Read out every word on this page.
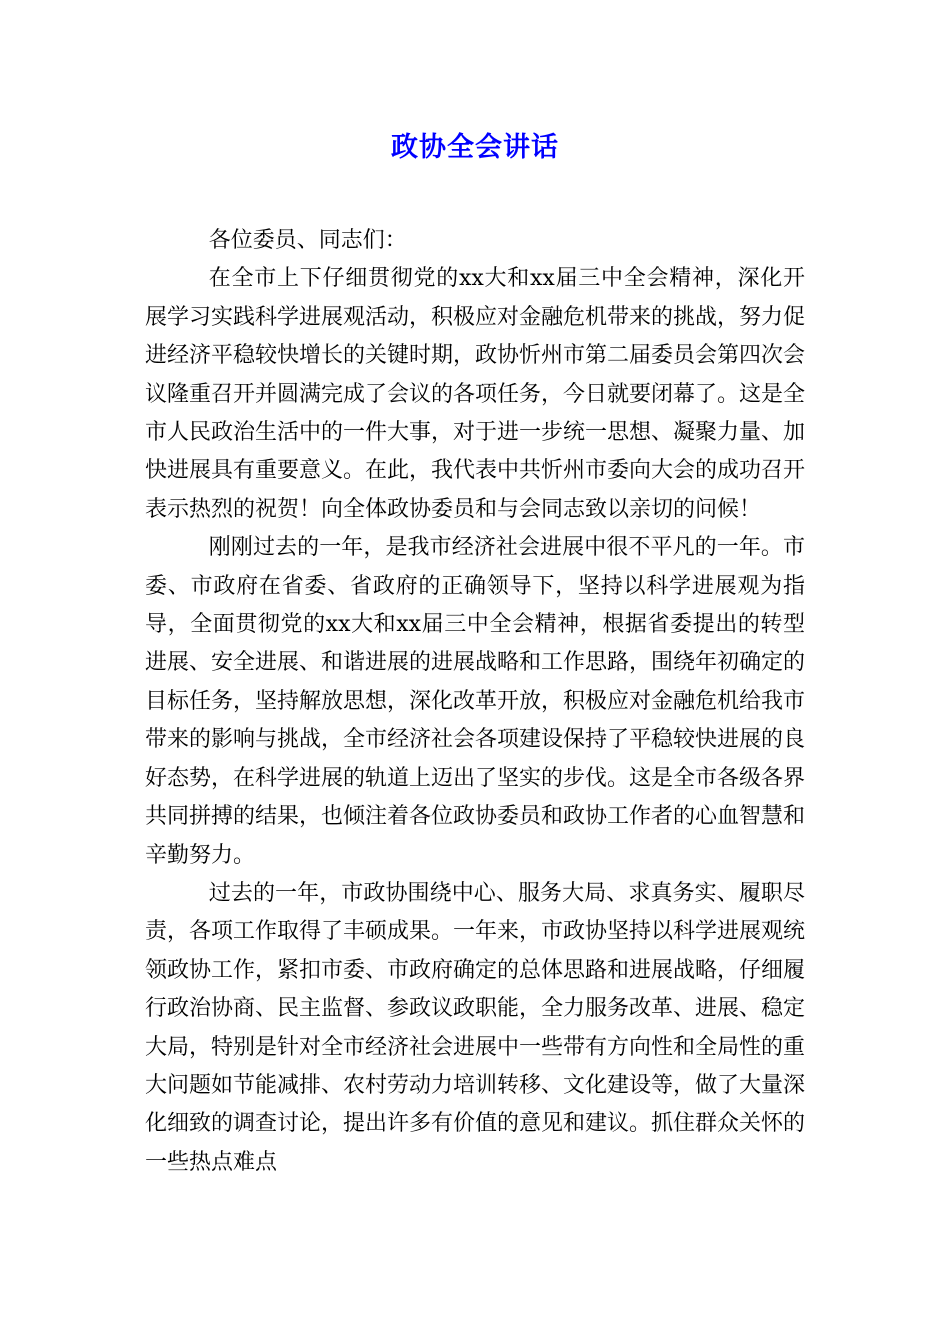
政协全会讲话

各位委员、同志们：

在全市上下仔细贯彻党的xx大和xx届三中全会精神，深化开展学习实践科学进展观活动，积极应对金融危机带来的挑战，努力促进经济平稳较快增长的关键时期，政协忻州市第二届委员会第四次会议隆重召开并圆满完成了会议的各项任务，今日就要闭幕了。这是全市人民政治生活中的一件大事，对于进一步统一思想、凝聚力量、加快进展具有重要意义。在此，我代表中共忻州市委向大会的成功召开表示热烈的祝贺！向全体政协委员和与会同志致以亲切的问候！

刚刚过去的一年，是我市经济社会进展中很不平凡的一年。市委、市政府在省委、省政府的正确领导下，坚持以科学进展观为指导，全面贯彻党的xx大和xx届三中全会精神，根据省委提出的转型进展、安全进展、和谐进展的进展战略和工作思路，围绕年初确定的目标任务，坚持解放思想，深化改革开放，积极应对金融危机给我市带来的影响与挑战，全市经济社会各项建设保持了平稳较快进展的良好态势，在科学进展的轨道上迈出了坚实的步伐。这是全市各级各界共同拼搏的结果，也倾注着各位政协委员和政协工作者的心血智慧和辛勤努力。

过去的一年，市政协围绕中心、服务大局、求真务实、履职尽责，各项工作取得了丰硕成果。一年来，市政协坚持以科学进展观统领政协工作，紧扣市委、市政府确定的总体思路和进展战略，仔细履行政治协商、民主监督、参政议政职能，全力服务改革、进展、稳定大局，特别是针对全市经济社会进展中一些带有方向性和全局性的重大问题如节能减排、农村劳动力培训转移、文化建设等，做了大量深化细致的调查讨论，提出许多有价值的意见和建议。抓住群众关怀的一些热点难点
